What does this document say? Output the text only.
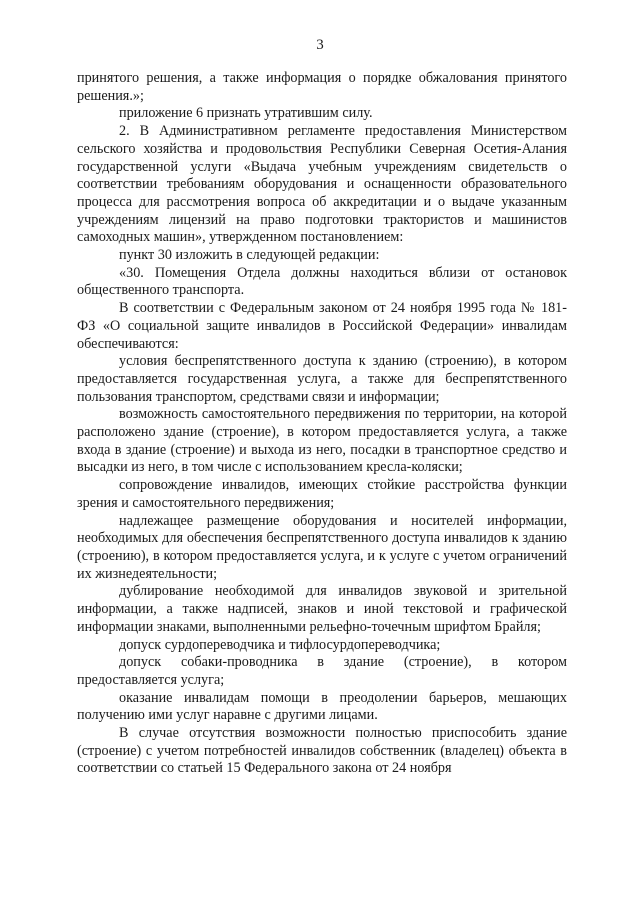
3

принятого решения, а также информация о порядке обжалования принятого решения.»;

приложение 6 признать утратившим силу.

2. В Административном регламенте предоставления Министерством сельского хозяйства и продовольствия Республики Северная Осетия-Алания государственной услуги «Выдача учебным учреждениям свидетельств о соответствии требованиям оборудования и оснащенности образовательного процесса для рассмотрения вопроса об аккредитации и о выдаче указанным учреждениям лицензий на право подготовки трактористов и машинистов самоходных машин», утвержденном постановлением:

пункт 30 изложить в следующей редакции:

«30. Помещения Отдела должны находиться вблизи от остановок общественного транспорта.

В соответствии с Федеральным законом от 24 ноября 1995 года № 181-ФЗ «О социальной защите инвалидов в Российской Федерации» инвалидам обеспечиваются:

условия беспрепятственного доступа к зданию (строению), в котором предоставляется государственная услуга, а также для беспрепятственного пользования транспортом, средствами связи и информации;

возможность самостоятельного передвижения по территории, на которой расположено здание (строение), в котором предоставляется услуга, а также входа в здание (строение) и выхода из него, посадки в транспортное средство и высадки из него, в том числе с использованием кресла-коляски;

сопровождение инвалидов, имеющих стойкие расстройства функции зрения и самостоятельного передвижения;

надлежащее размещение оборудования и носителей информации, необходимых для обеспечения беспрепятственного доступа инвалидов к зданию (строению), в котором предоставляется услуга, и к услуге с учетом ограничений их жизнедеятельности;

дублирование необходимой для инвалидов звуковой и зрительной информации, а также надписей, знаков и иной текстовой и графической информации знаками, выполненными рельефно-точечным шрифтом Брайля;

допуск сурдопереводчика и тифлосурдопереводчика;

допуск собаки-проводника в здание (строение), в котором предоставляется услуга;

оказание инвалидам помощи в преодолении барьеров, мешающих получению ими услуг наравне с другими лицами.

В случае отсутствия возможности полностью приспособить здание (строение) с учетом потребностей инвалидов собственник (владелец) объекта в соответствии со статьей 15 Федерального закона от 24 ноября
